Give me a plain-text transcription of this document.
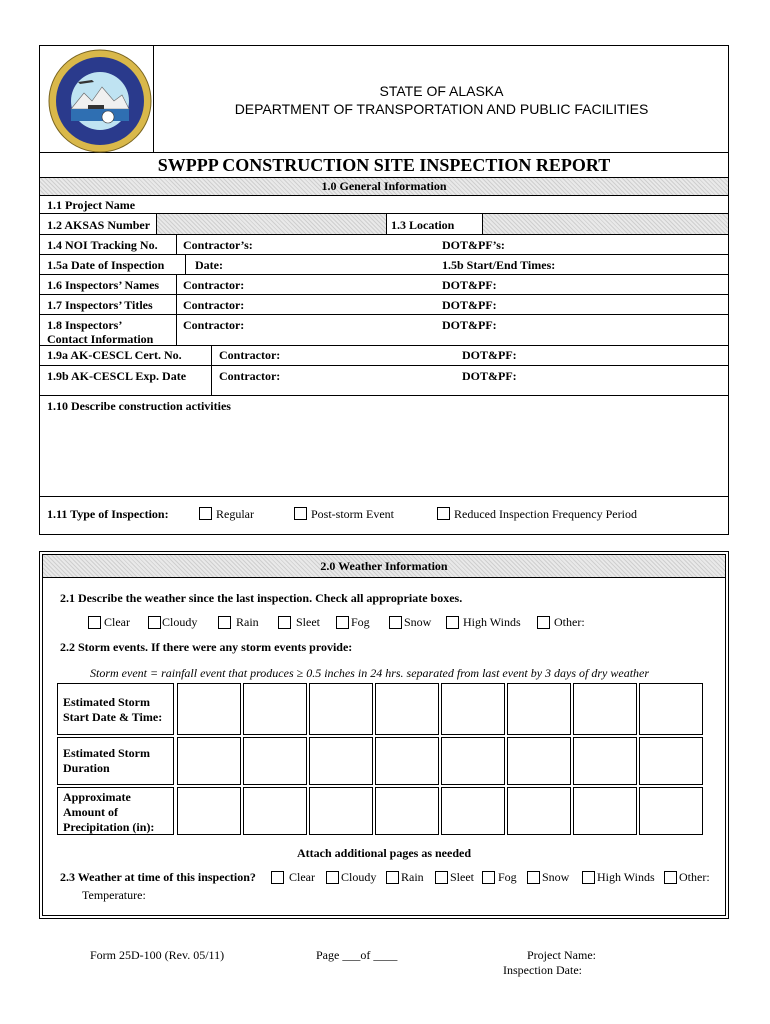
STATE OF ALASKA
DEPARTMENT OF TRANSPORTATION AND PUBLIC FACILITIES
SWPPP CONSTRUCTION SITE INSPECTION REPORT
1.0 General Information
1.1 Project Name
1.2 AKSAS Number	1.3 Location
1.4 NOI Tracking No. Contractor’s:	DOT&PF’s:
1.5a Date of Inspection	Date:	1.5b Start/End Times:
1.6 Inspectors’ Names Contractor:	DOT&PF:
1.7 Inspectors’ Titles	Contractor:	DOT&PF:
1.8 Inspectors’
Contact Information
Contractor:	DOT&PF:
1.9a AK-CESCL Cert. No.	Contractor:	DOT&PF:
1.9b AK-CESCL Exp. Date	Contractor:	DOT&PF:
1.10 Describe construction activities
1.11 Type of Inspection:	Regular	Post-storm Event	Reduced Inspection Frequency Period
2.0 Weather Information
2.1 Describe the weather since the last inspection. Check all appropriate boxes.
Clear	Cloudy	Rain	Sleet	Fog	Snow	High Winds	Other:
2.2 Storm events. If there were any storm events provide:
Storm event = rainfall event that produces ≥ 0.5 inches in 24 hrs. separated from last event by 3 days of dry weather
Estimated Storm
Start Date & Time:
Estimated Storm
Duration
Approximate
Amount of
Precipitation (in):
Attach additional pages as needed
2.3 Weather at time of this inspection?	Clear Cloudy Rain Sleet Fog Snow High Winds Other:
Temperature:
Form 25D-100 (Rev. 05/11)	Page ___of ____	Project Name:
Inspection Date:
